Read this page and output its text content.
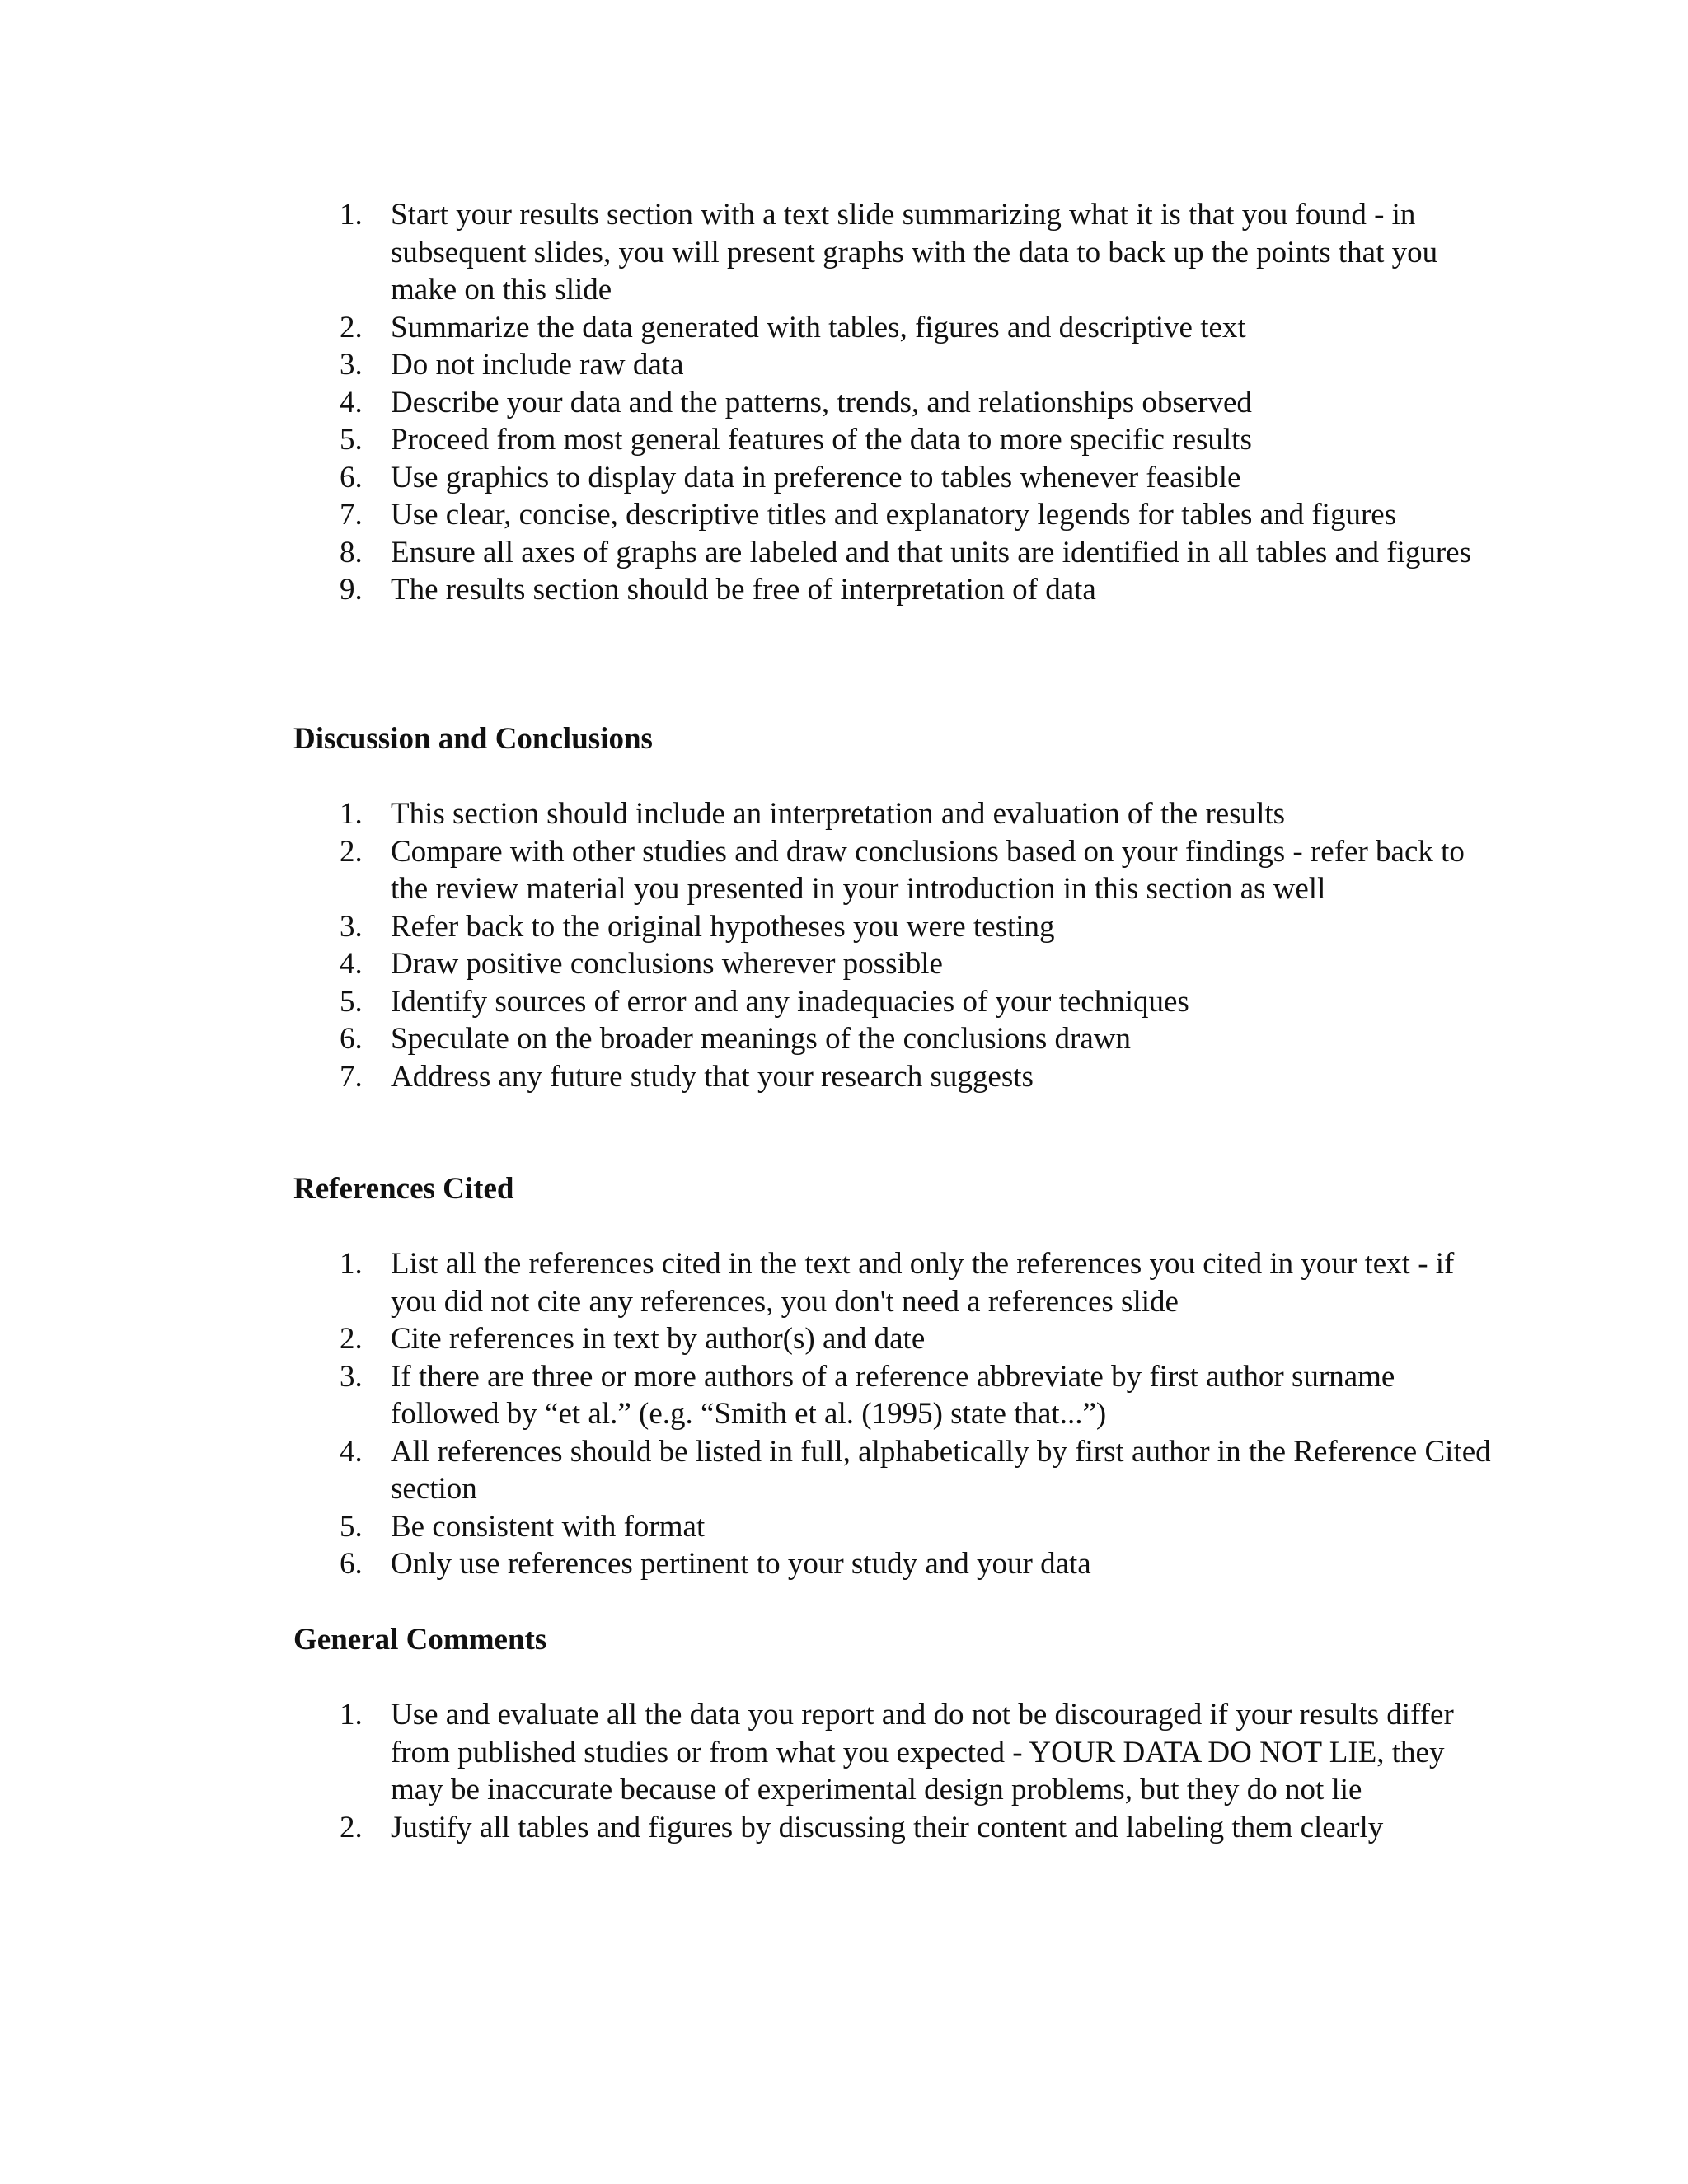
1. Start your results section with a text slide summarizing what it is that you found - in subsequent slides, you will present graphs with the data to back up the points that you make on this slide
2. Summarize the data generated with tables, figures and descriptive text
3. Do not include raw data
4. Describe your data and the patterns, trends, and relationships observed
5. Proceed from most general features of the data to more specific results
6. Use graphics to display data in preference to tables whenever feasible
7. Use clear, concise, descriptive titles and explanatory legends for tables and figures
8. Ensure all axes of graphs are labeled and that units are identified in all tables and figures
9. The results section should be free of interpretation of data
Discussion and Conclusions
1. This section should include an interpretation and evaluation of the results
2. Compare with other studies and draw conclusions based on your findings - refer back to the review material you presented in your introduction in this section as well
3. Refer back to the original hypotheses you were testing
4. Draw positive conclusions wherever possible
5. Identify sources of error and any inadequacies of your techniques
6. Speculate on the broader meanings of the conclusions drawn
7. Address any future study that your research suggests
References Cited
1. List all the references cited in the text and only the references you cited in your text - if you did not cite any references, you don't need a references slide
2. Cite references in text by author(s) and date
3. If there are three or more authors of a reference abbreviate by first author surname followed by “et al.” (e.g. “Smith et al. (1995) state that...”)
4. All references should be listed in full, alphabetically by first author in the Reference Cited section
5. Be consistent with format
6. Only use references pertinent to your study and your data
General Comments
1. Use and evaluate all the data you report and do not be discouraged if your results differ from published studies or from what you expected - YOUR DATA DO NOT LIE, they may be inaccurate because of experimental design problems, but they do not lie
2. Justify all tables and figures by discussing their content and labeling them clearly
